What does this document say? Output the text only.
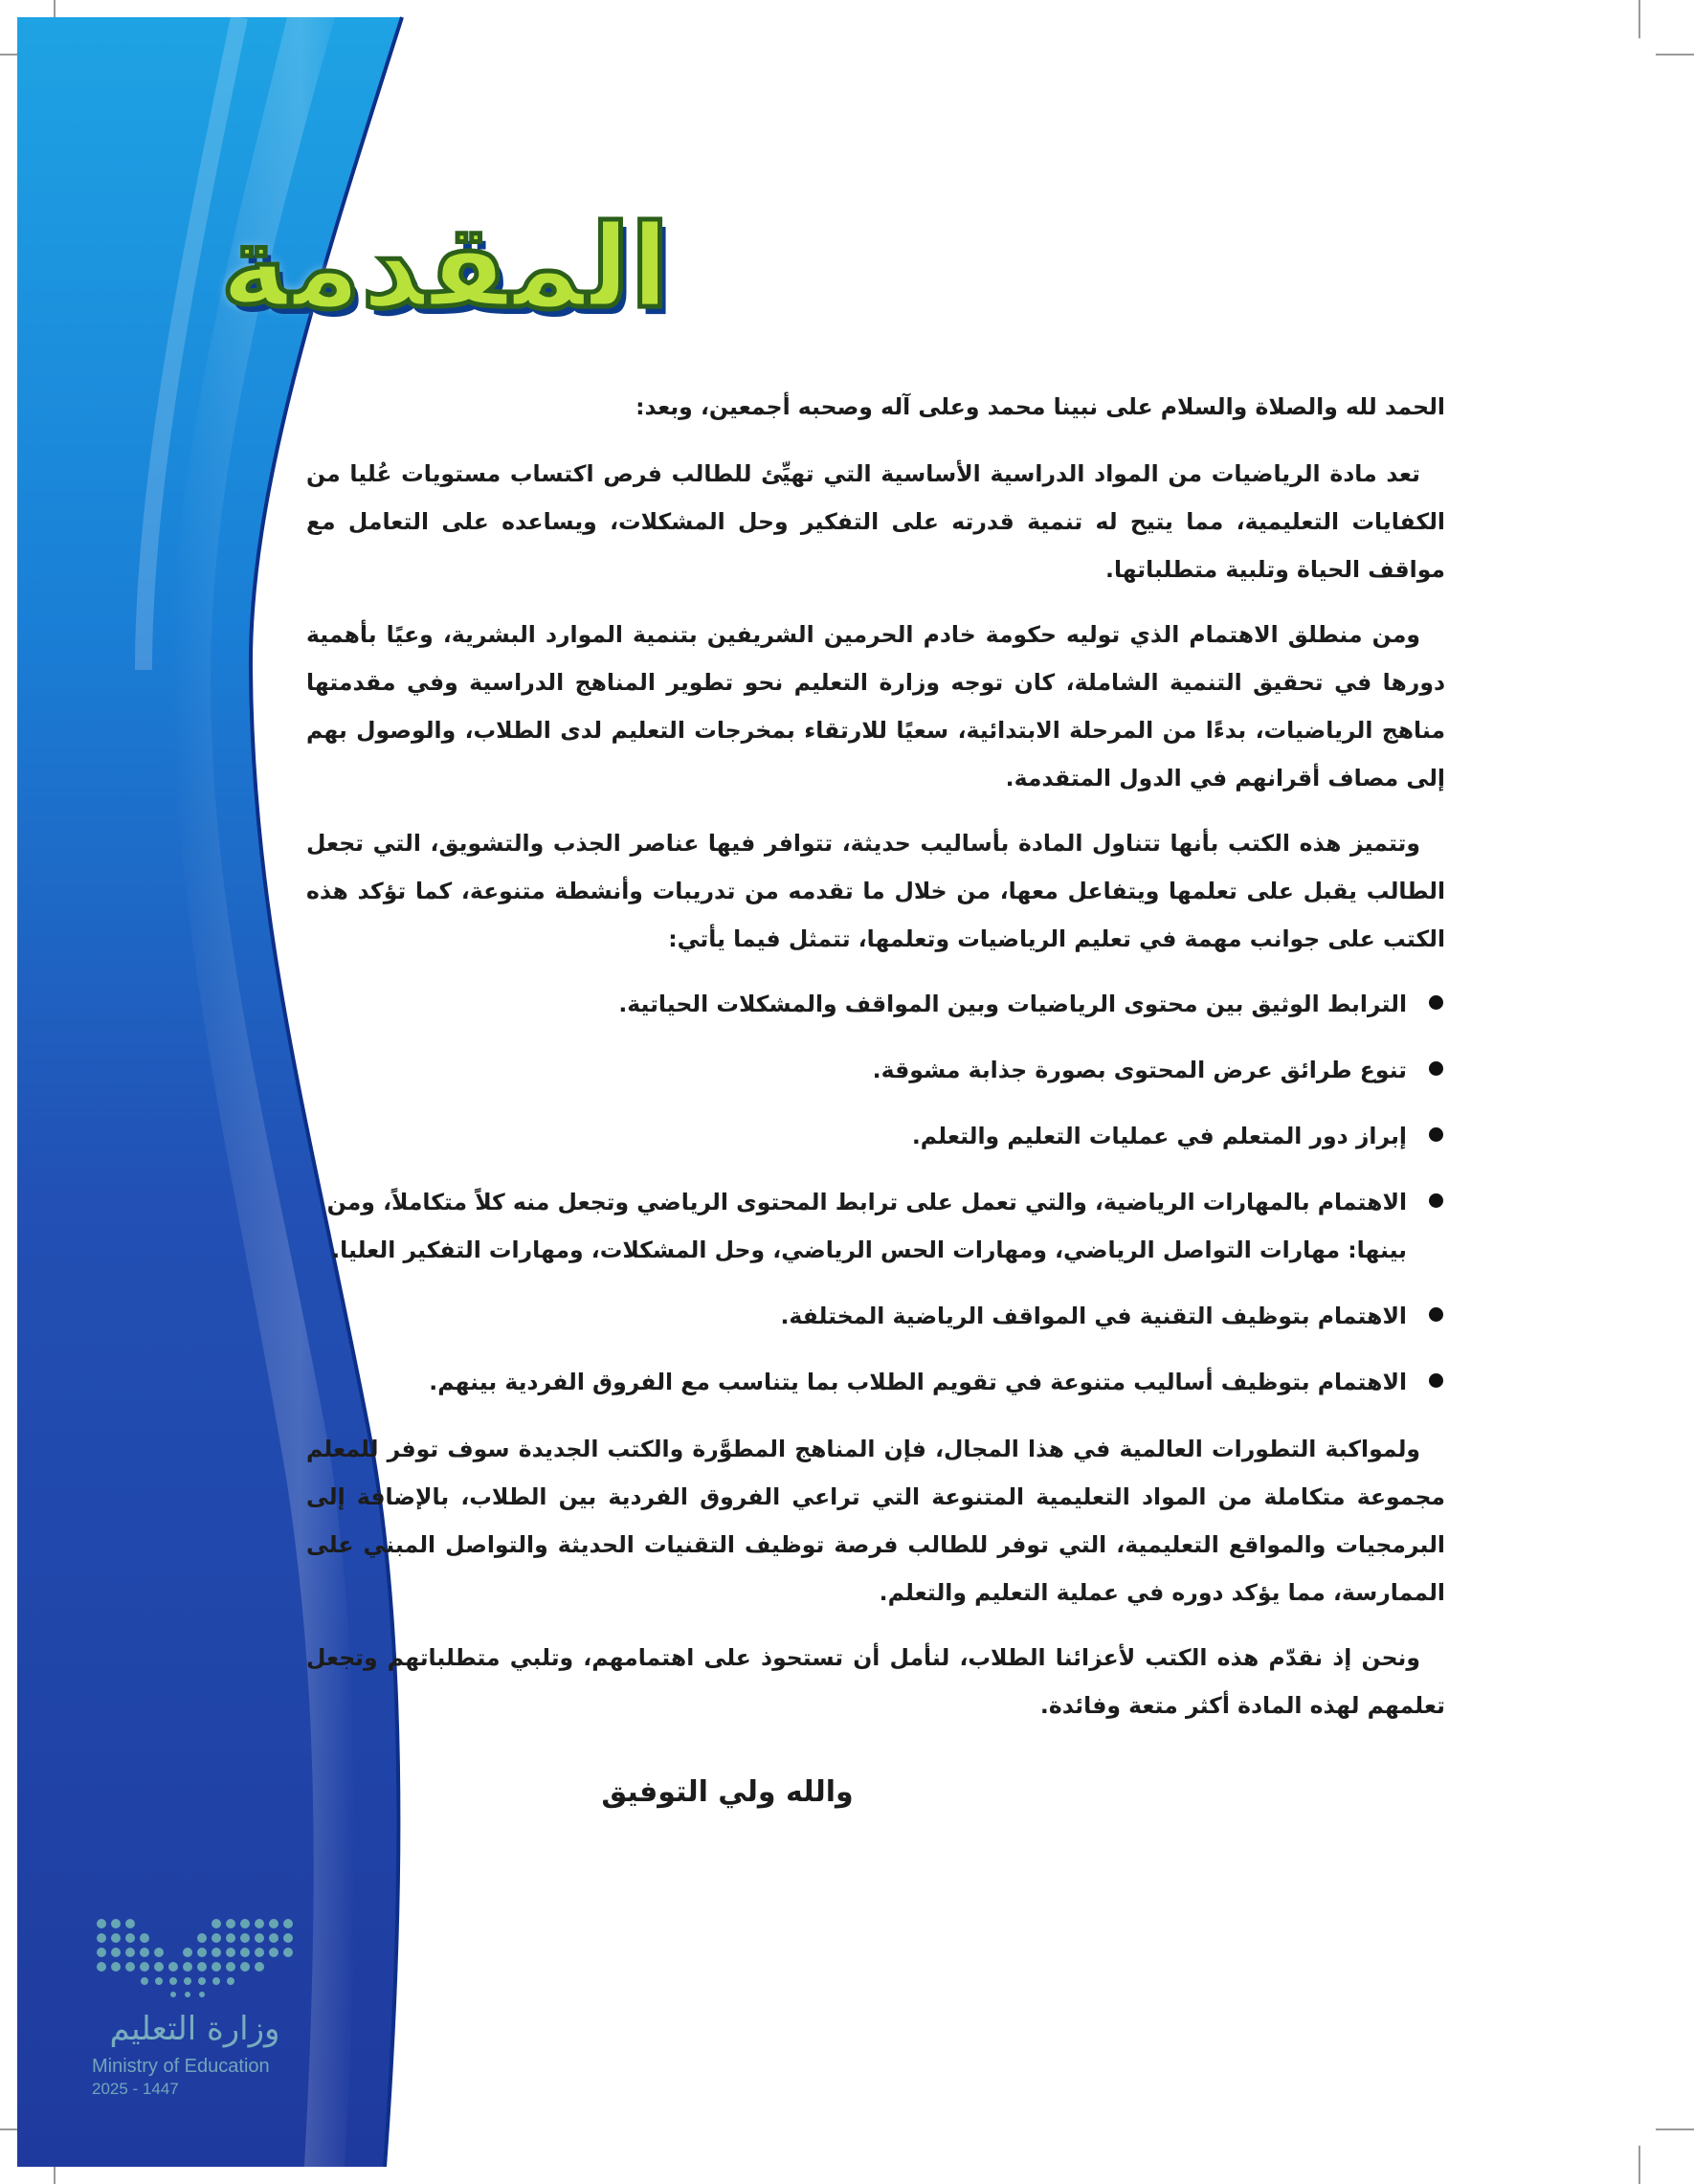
المقدمة

الحمد لله والصلاة والسلام على نبينا محمد وعلى آله وصحبه أجمعين، وبعد:

تعد مادة الرياضيات من المواد الدراسية الأساسية التي تهيِّئ للطالب فرص اكتساب مستويات عُليا من الكفايات التعليمية، مما يتيح له تنمية قدرته على التفكير وحل المشكلات، ويساعده على التعامل مع مواقف الحياة وتلبية متطلباتها.

ومن منطلق الاهتمام الذي توليه حكومة خادم الحرمين الشريفين بتنمية الموارد البشرية، وعيًا بأهمية دورها في تحقيق التنمية الشاملة، كان توجه وزارة التعليم نحو تطوير المناهج الدراسية وفي مقدمتها مناهج الرياضيات، بدءًا من المرحلة الابتدائية، سعيًا للارتقاء بمخرجات التعليم لدى الطلاب، والوصول بهم إلى مصاف أقرانهم في الدول المتقدمة.

وتتميز هذه الكتب بأنها تتناول المادة بأساليب حديثة، تتوافر فيها عناصر الجذب والتشويق، التي تجعل الطالب يقبل على تعلمها ويتفاعل معها، من خلال ما تقدمه من تدريبات وأنشطة متنوعة، كما تؤكد هذه الكتب على جوانب مهمة في تعليم الرياضيات وتعلمها، تتمثل فيما يأتي:

الترابط الوثيق بين محتوى الرياضيات وبين المواقف والمشكلات الحياتية.
تنوع طرائق عرض المحتوى بصورة جذابة مشوقة.
إبراز دور المتعلم في عمليات التعليم والتعلم.
الاهتمام بالمهارات الرياضية، والتي تعمل على ترابط المحتوى الرياضي وتجعل منه كلاً متكاملاً، ومن بينها: مهارات التواصل الرياضي، ومهارات الحس الرياضي، وحل المشكلات، ومهارات التفكير العليا.
الاهتمام بتوظيف التقنية في المواقف الرياضية المختلفة.
الاهتمام بتوظيف أساليب متنوعة في تقويم الطلاب بما يتناسب مع الفروق الفردية بينهم.

ولمواكبة التطورات العالمية في هذا المجال، فإن المناهج المطوَّرة والكتب الجديدة سوف توفر للمعلم مجموعة متكاملة من المواد التعليمية المتنوعة التي تراعي الفروق الفردية بين الطلاب، بالإضافة إلى البرمجيات والمواقع التعليمية، التي توفر للطالب فرصة توظيف التقنيات الحديثة والتواصل المبني على الممارسة، مما يؤكد دوره في عملية التعليم والتعلم.

ونحن إذ نقدّم هذه الكتب لأعزائنا الطلاب، لنأمل أن تستحوذ على اهتمامهم، وتلبي متطلباتهم وتجعل تعلمهم لهذه المادة أكثر متعة وفائدة.

والله ولي التوفيق
وزارة التعليم
Ministry of Education
2025 - 1447
